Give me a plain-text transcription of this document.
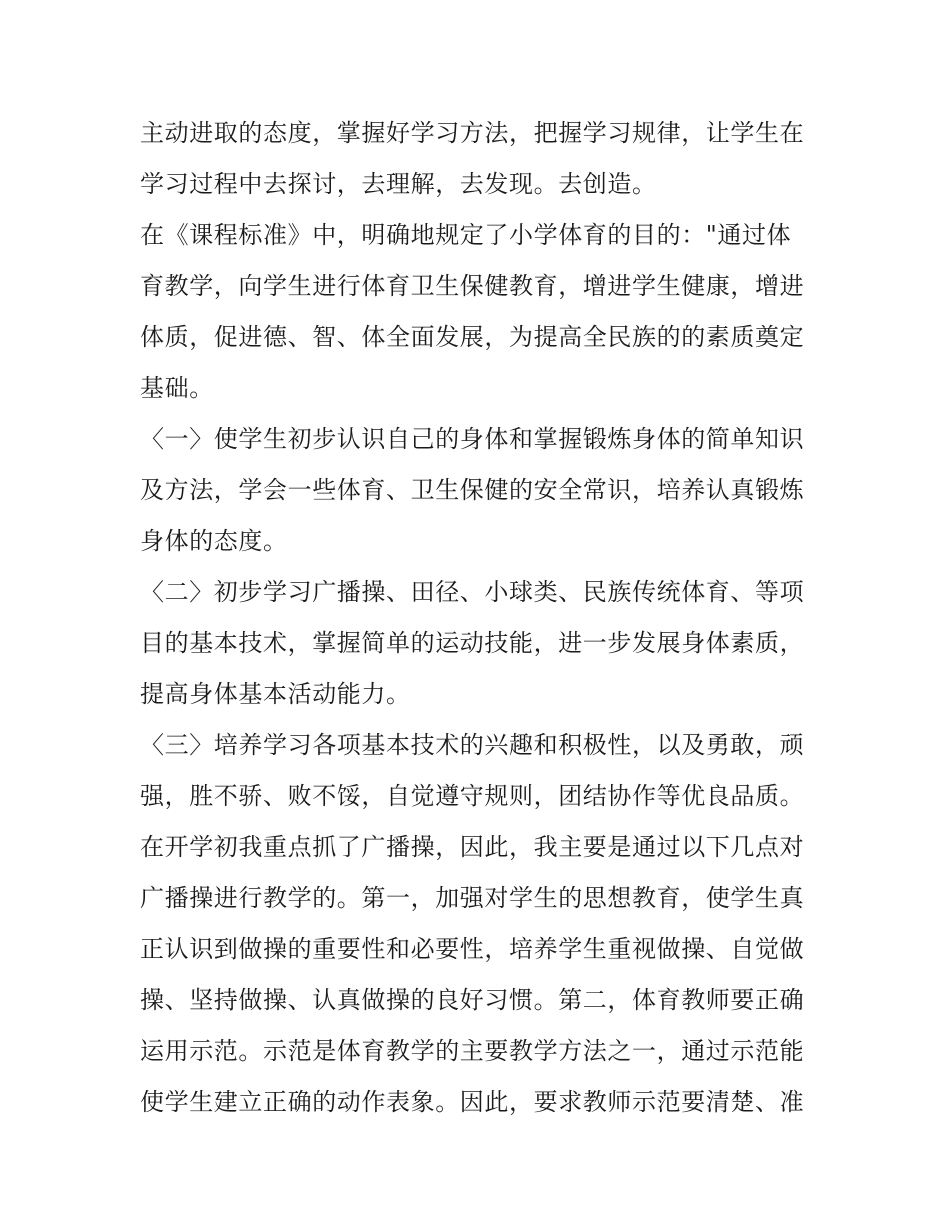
主动进取的态度，掌握好学习方法，把握学习规律，让学生在
学习过程中去探讨，去理解，去发现。去创造。

在《课程标准》中，明确地规定了小学体育的目的："通过体
育教学，向学生进行体育卫生保健教育，增进学生健康，增进
体质，促进德、智、体全面发展，为提高全民族的的素质奠定
基础。

〈一〉使学生初步认识自己的身体和掌握锻炼身体的简单知识
及方法，学会一些体育、卫生保健的安全常识，培养认真锻炼
身体的态度。

〈二〉初步学习广播操、田径、小球类、民族传统体育、等项
目的基本技术，掌握简单的运动技能，进一步发展身体素质，
提高身体基本活动能力。

〈三〉培养学习各项基本技术的兴趣和积极性，以及勇敢，顽
强，胜不骄、败不馁，自觉遵守规则，团结协作等优良品质。

在开学初我重点抓了广播操，因此，我主要是通过以下几点对
广播操进行教学的。第一，加强对学生的思想教育，使学生真
正认识到做操的重要性和必要性，培养学生重视做操、自觉做
操、坚持做操、认真做操的良好习惯。第二，体育教师要正确
运用示范。示范是体育教学的主要教学方法之一，通过示范能
使学生建立正确的动作表象。因此，要求教师示范要清楚、准
